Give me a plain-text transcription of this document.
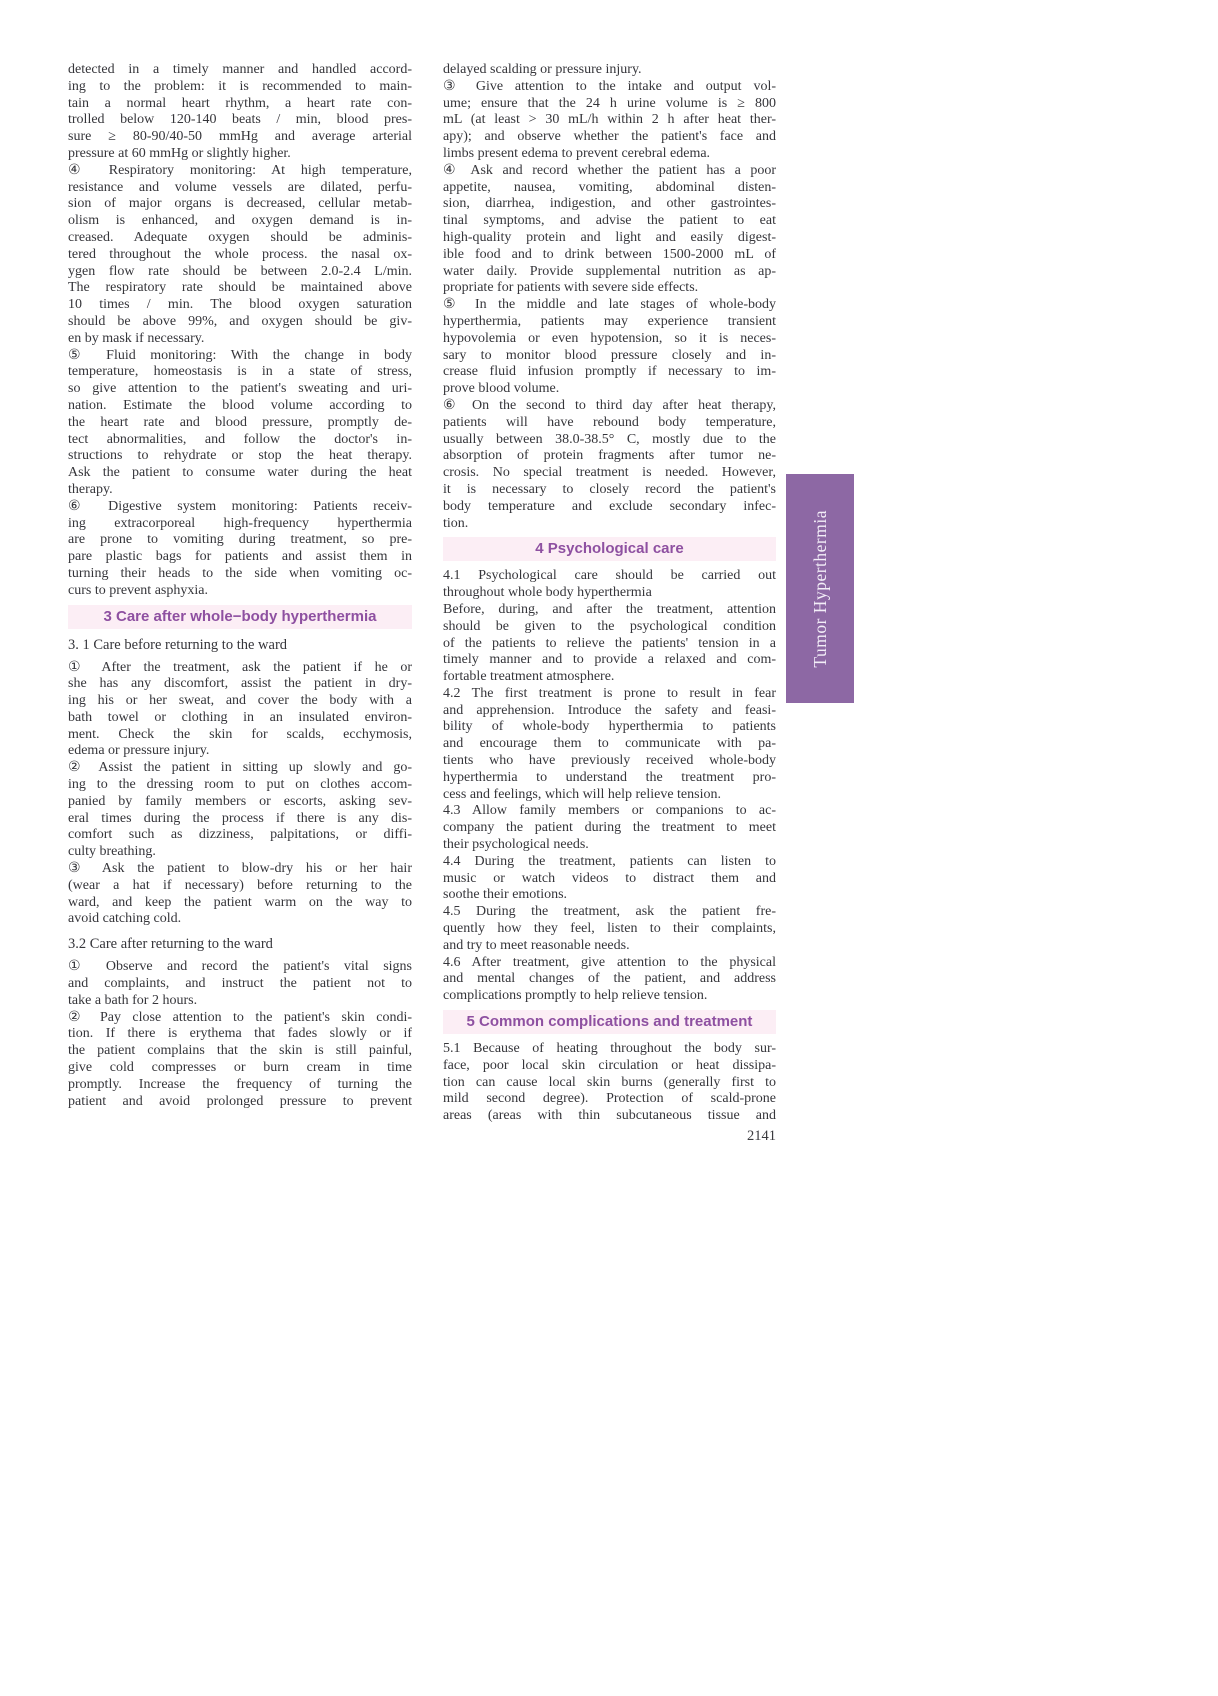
detected in a timely manner and handled accord-
ing to the problem: it is recommended to main-
tain a normal heart rhythm, a heart rate con-
trolled below 120-140 beats / min, blood pres-
sure ≥ 80-90/40-50 mmHg and average arterial
pressure at 60 mmHg or slightly higher.
④ Respiratory monitoring: At high temperature,
resistance and volume vessels are dilated, perfu-
sion of major organs is decreased, cellular metab-
olism is enhanced, and oxygen demand is in-
creased. Adequate oxygen should be adminis-
tered throughout the whole process. the nasal ox-
ygen flow rate should be between 2.0-2.4 L/min.
The respiratory rate should be maintained above
10 times / min. The blood oxygen saturation
should be above 99%, and oxygen should be giv-
en by mask if necessary.
⑤ Fluid monitoring: With the change in body
temperature, homeostasis is in a state of stress,
so give attention to the patient's sweating and uri-
nation. Estimate the blood volume according to
the heart rate and blood pressure, promptly de-
tect abnormalities, and follow the doctor's in-
structions to rehydrate or stop the heat therapy.
Ask the patient to consume water during the heat
therapy.
⑥ Digestive system monitoring: Patients receiv-
ing extracorporeal high-frequency hyperthermia
are prone to vomiting during treatment, so pre-
pare plastic bags for patients and assist them in
turning their heads to the side when vomiting oc-
curs to prevent asphyxia.
3 Care after whole−body hyperthermia
3. 1 Care before returning to the ward
① After the treatment, ask the patient if he or
she has any discomfort, assist the patient in dry-
ing his or her sweat, and cover the body with a
bath towel or clothing in an insulated environ-
ment. Check the skin for scalds, ecchymosis,
edema or pressure injury.
② Assist the patient in sitting up slowly and go-
ing to the dressing room to put on clothes accom-
panied by family members or escorts, asking sev-
eral times during the process if there is any dis-
comfort such as dizziness, palpitations, or diffi-
culty breathing.
③ Ask the patient to blow-dry his or her hair
(wear a hat if necessary) before returning to the
ward, and keep the patient warm on the way to
avoid catching cold.
3.2 Care after returning to the ward
① Observe and record the patient's vital signs
and complaints, and instruct the patient not to
take a bath for 2 hours.
② Pay close attention to the patient's skin condi-
tion. If there is erythema that fades slowly or if
the patient complains that the skin is still painful,
give cold compresses or burn cream in time
promptly. Increase the frequency of turning the
patient and avoid prolonged pressure to prevent
delayed scalding or pressure injury.
③ Give attention to the intake and output vol-
ume; ensure that the 24 h urine volume is ≥ 800
mL (at least > 30 mL/h within 2 h after heat ther-
apy); and observe whether the patient's face and
limbs present edema to prevent cerebral edema.
④ Ask and record whether the patient has a poor
appetite, nausea, vomiting, abdominal disten-
sion, diarrhea, indigestion, and other gastrointes-
tinal symptoms, and advise the patient to eat
high-quality protein and light and easily digest-
ible food and to drink between 1500-2000 mL of
water daily. Provide supplemental nutrition as ap-
propriate for patients with severe side effects.
⑤ In the middle and late stages of whole-body
hyperthermia, patients may experience transient
hypovolemia or even hypotension, so it is neces-
sary to monitor blood pressure closely and in-
crease fluid infusion promptly if necessary to im-
prove blood volume.
⑥ On the second to third day after heat therapy,
patients will have rebound body temperature,
usually between 38.0-38.5° C, mostly due to the
absorption of protein fragments after tumor ne-
crosis. No special treatment is needed. However,
it is necessary to closely record the patient's
body temperature and exclude secondary infec-
tion.
4 Psychological care
4.1 Psychological care should be carried out
throughout whole body hyperthermia
Before, during, and after the treatment, attention
should be given to the psychological condition
of the patients to relieve the patients' tension in a
timely manner and to provide a relaxed and com-
fortable treatment atmosphere.
4.2 The first treatment is prone to result in fear
and apprehension. Introduce the safety and feasi-
bility of whole-body hyperthermia to patients
and encourage them to communicate with pa-
tients who have previously received whole-body
hyperthermia to understand the treatment pro-
cess and feelings, which will help relieve tension.
4.3 Allow family members or companions to ac-
company the patient during the treatment to meet
their psychological needs.
4.4 During the treatment, patients can listen to
music or watch videos to distract them and
soothe their emotions.
4.5 During the treatment, ask the patient fre-
quently how they feel, listen to their complaints,
and try to meet reasonable needs.
4.6 After treatment, give attention to the physical
and mental changes of the patient, and address
complications promptly to help relieve tension.
5 Common complications and treatment
5.1 Because of heating throughout the body sur-
face, poor local skin circulation or heat dissipa-
tion can cause local skin burns (generally first to
mild second degree). Protection of scald-prone
areas (areas with thin subcutaneous tissue and
Tumor Hyperthermia
2141
